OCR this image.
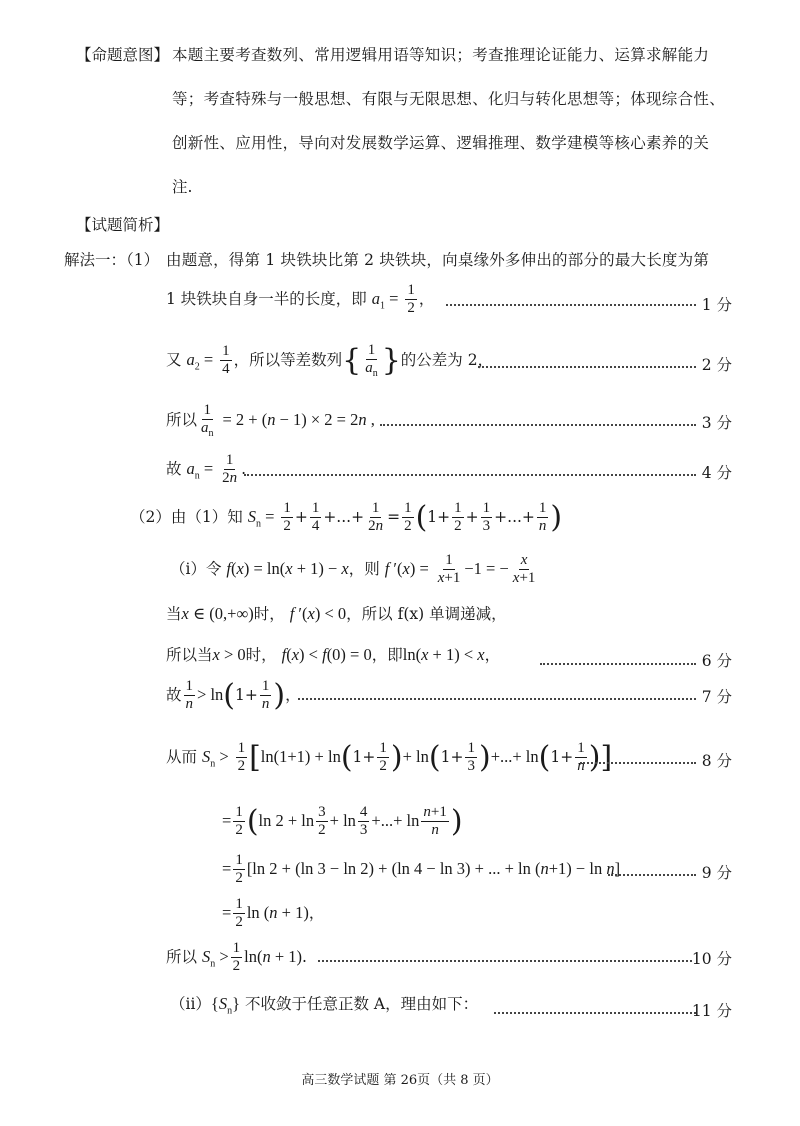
【命题意图】 本题主要考查数列、常用逻辑用语等知识；考查推理论证能力、运算求解能力
等；考查特殊与一般思想、有限与无限思想、化归与转化思想等；体现综合性、
创新性、应用性，导向对发展数学运算、逻辑推理、数学建模等核心素养的关
注.
【试题简析】
解法一：（1） 由题意，得第 1 块铁块比第 2 块铁块，向桌缘外多伸出的部分的最大长度为第
1 块铁块自身一半的长度，即 $a_1 = \frac{1}{2}$ ，	1 分
又 $a_2 = \frac{1}{4}$ ，所以等差数列{ $\frac{1}{a_n}$ }的公差为 2，	2 分
所以 $\frac{1}{a_n} = 2 + (n - 1) \times 2 = 2n$ ,	3 分
故 $a_n = \frac{1}{2n}$ .	4 分
（2）由（1）知 $S_n = \frac{1}{2} + \frac{1}{4}$ +...+ $\frac{1}{2n} = \frac{1}{2} (1+ \frac{1}{2} + \frac{1}{3}$ +...+ $\frac{1}{n}$ )
（i）令 f(x) = ln(x + 1) − x，则 f $'(x) = \frac{1}{x+1} -1$ = − $\frac{x}{x+1}$
当x ∈ (0,+∞)时， f ′(x) < 0，所以 f(x) 单调递减，
所以当x > 0时， f(x) < f(0) = 0，即ln(x + 1) < x，	6 分
故 $\frac{1}{n} > \ln(1+ \frac{1}{n}$ )，	7 分
从而 $S_n > \frac{1}{2} [\ln(1+1) + \ln(1+ \frac{1}{2}$ )+ $\ln(1+ \frac{1}{3}$ )+...+ $\ln(1+ \frac{1}{n}$ )]	8 分
= $\frac{1}{2} (\ln$ $2 + \ln \frac{3}{2} + \ln \frac{4}{3}$ +...+ $\ln \frac{n+1}{n}$ )
= $\frac{1}{2} [\ln$ 2 + (ln 3 − ln 2) + (ln 4 − ln 3) + ... + ln (n+1) − ln n]	9 分
= $\frac{1}{2}$ ln (n + 1)，
所以 $S_n > \frac{1}{2} \ln(n + 1)$.	10 分
$(ii)\{S_n\}$ 不收敛于任意正数 A，理由如下：	11 分
高三数学试题 第 26页（共 8 页）
